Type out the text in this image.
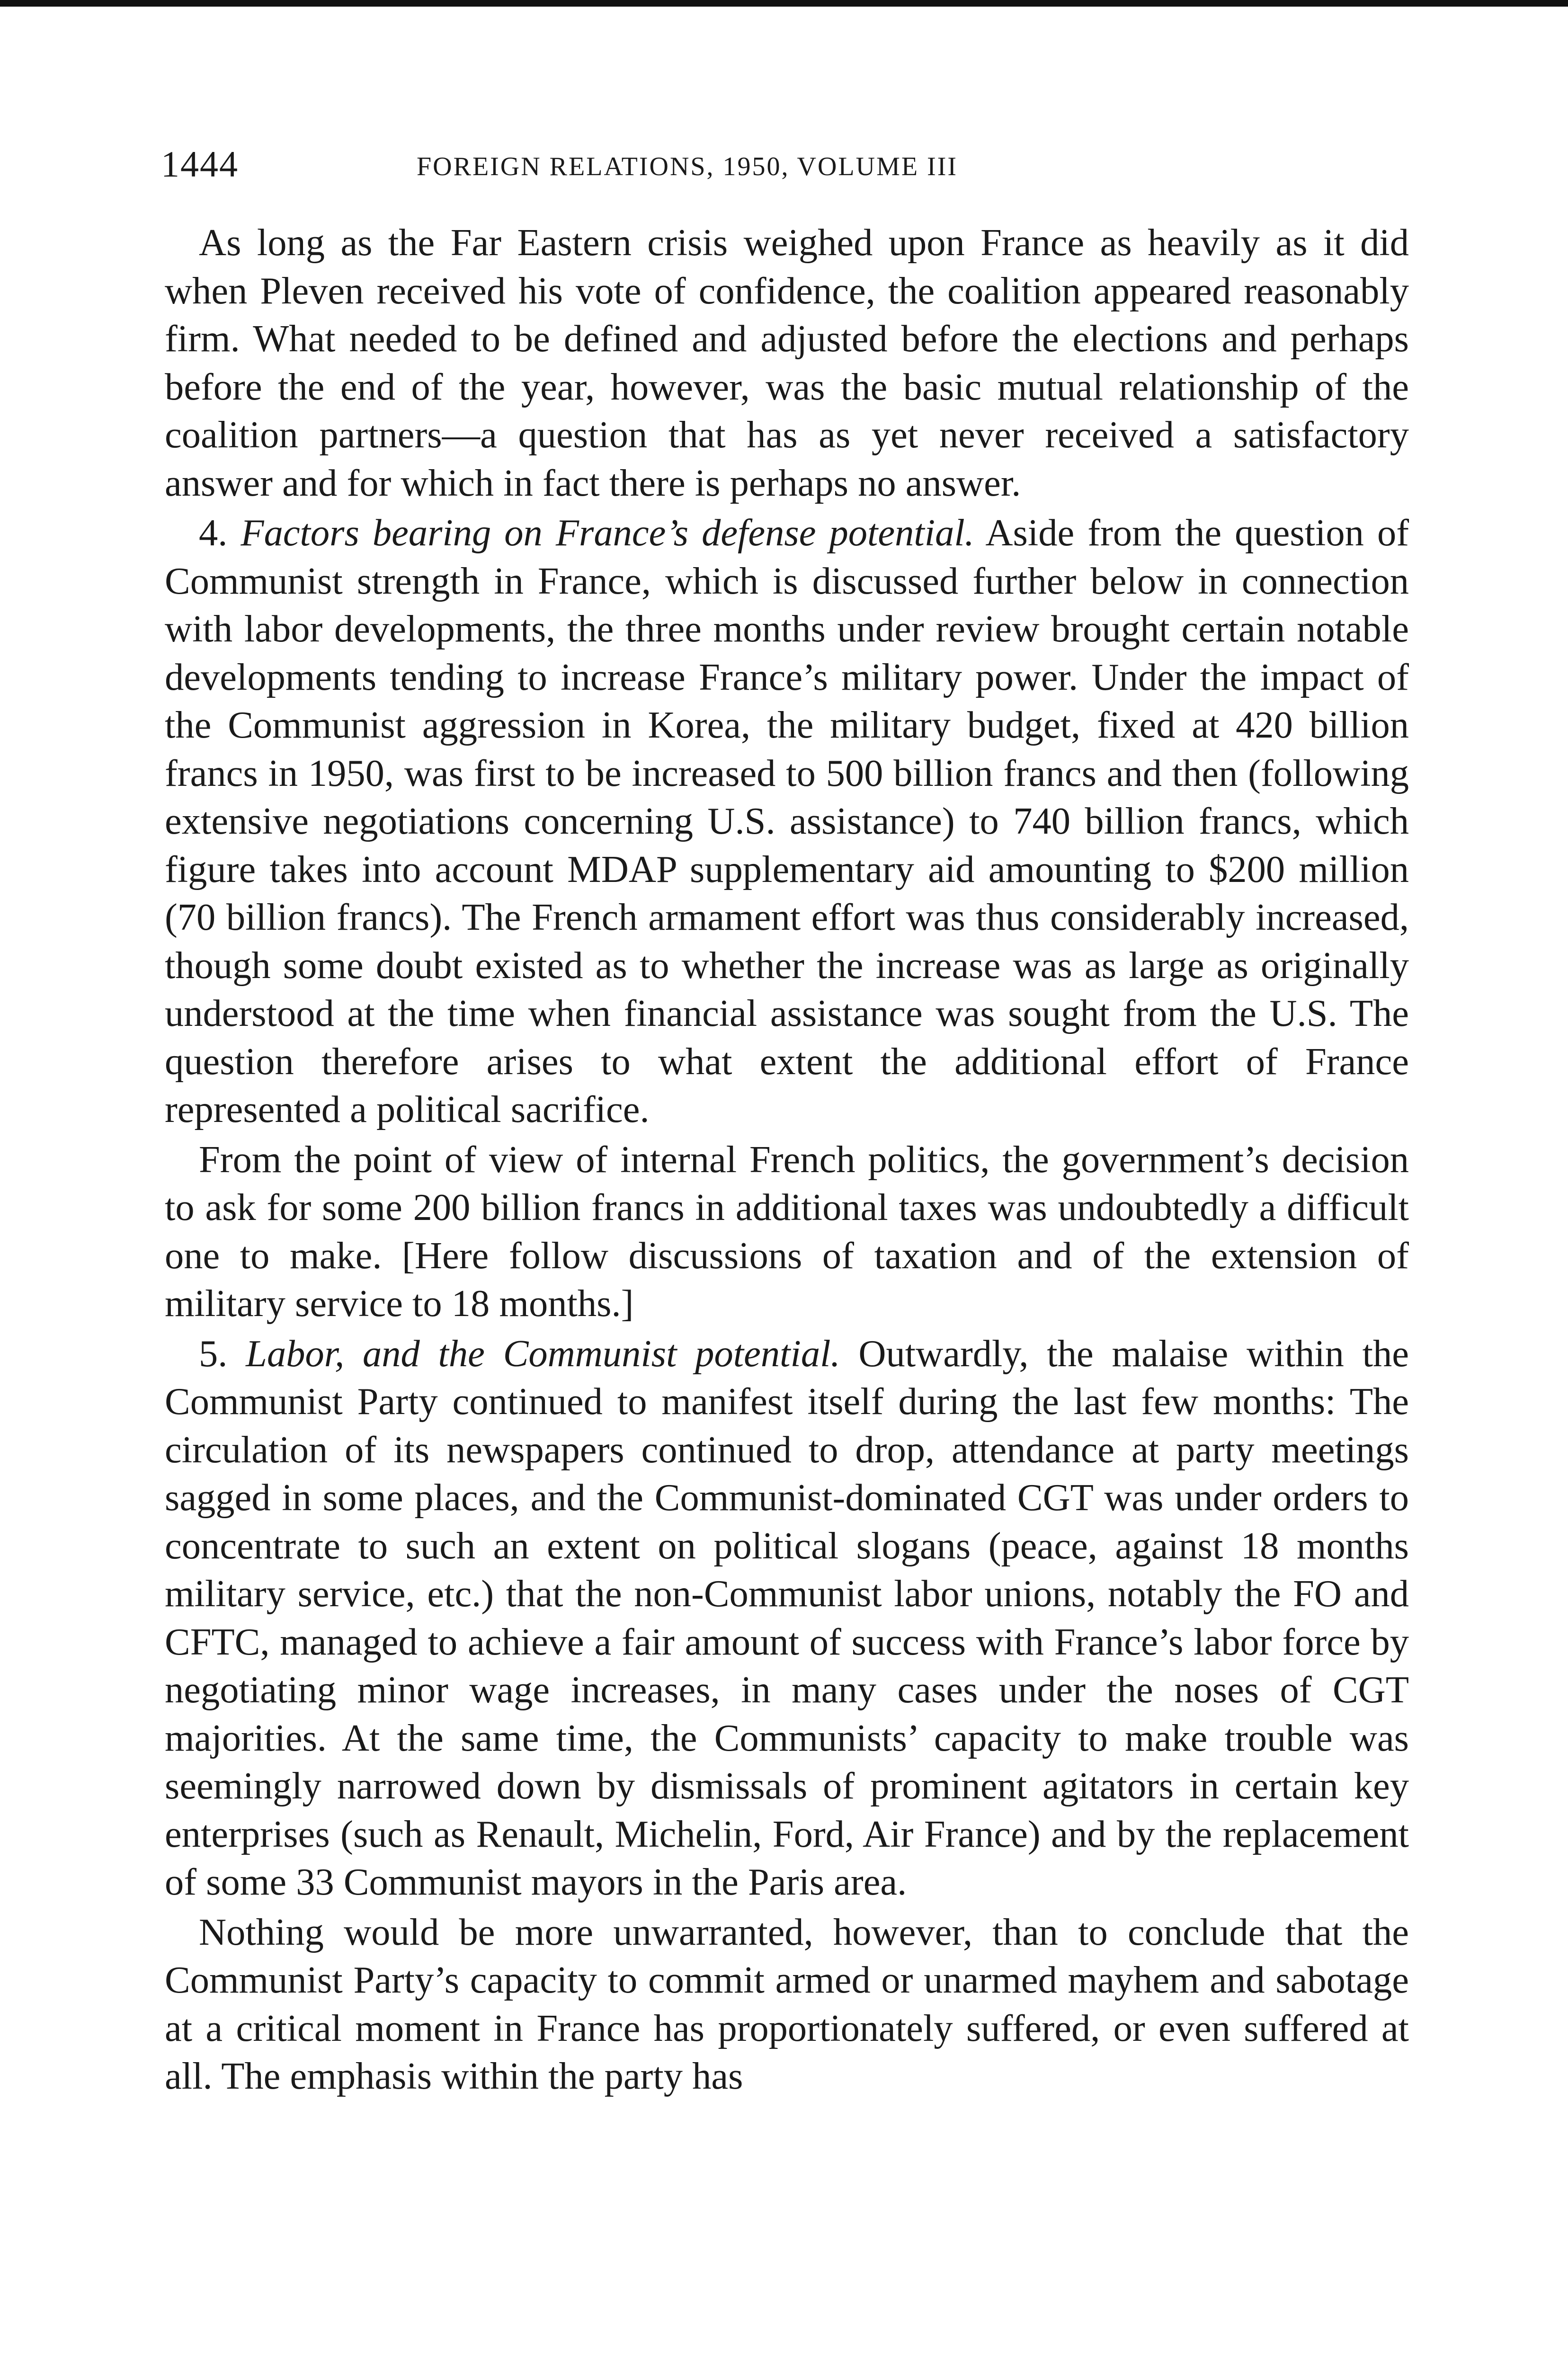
1444	FOREIGN RELATIONS, 1950, VOLUME III

As long as the Far Eastern crisis weighed upon France as heavily as it did when Pleven received his vote of confidence, the coalition appeared reasonably firm. What needed to be defined and adjusted before the elections and perhaps before the end of the year, however, was the basic mutual relationship of the coalition partners—a question that has as yet never received a satisfactory answer and for which in fact there is perhaps no answer.

4. Factors bearing on France’s defense potential. Aside from the question of Communist strength in France, which is discussed further below in connection with labor developments, the three months under review brought certain notable developments tending to increase France’s military power. Under the impact of the Communist aggression in Korea, the military budget, fixed at 420 billion francs in 1950, was first to be increased to 500 billion francs and then (following extensive negotiations concerning U.S. assistance) to 740 billion francs, which figure takes into account MDAP supplementary aid amounting to $200 million (70 billion francs). The French armament effort was thus considerably increased, though some doubt existed as to whether the increase was as large as originally understood at the time when financial assistance was sought from the U.S. The question therefore arises to what extent the additional effort of France represented a political sacrifice.

From the point of view of internal French politics, the government’s decision to ask for some 200 billion francs in additional taxes was undoubtedly a difficult one to make. [Here follow discussions of taxation and of the extension of military service to 18 months.]

5. Labor, and the Communist potential. Outwardly, the malaise within the Communist Party continued to manifest itself during the last few months: The circulation of its newspapers continued to drop, attendance at party meetings sagged in some places, and the Communist-dominated CGT was under orders to concentrate to such an extent on political slogans (peace, against 18 months military service, etc.) that the non-Communist labor unions, notably the FO and CFTC, managed to achieve a fair amount of success with France’s labor force by negotiating minor wage increases, in many cases under the noses of CGT majorities. At the same time, the Communists’ capacity to make trouble was seemingly narrowed down by dismissals of prominent agitators in certain key enterprises (such as Renault, Michelin, Ford, Air France) and by the replacement of some 33 Communist mayors in the Paris area.

Nothing would be more unwarranted, however, than to conclude that the Communist Party’s capacity to commit armed or unarmed mayhem and sabotage at a critical moment in France has proportionately suffered, or even suffered at all. The emphasis within the party has
